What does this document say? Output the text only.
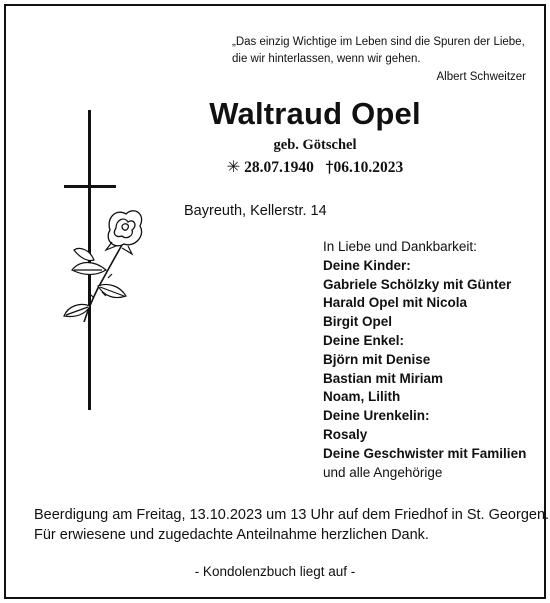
„Das einzig Wichtige im Leben sind die Spuren der Liebe,
die wir hinterlassen, wenn wir gehen.
Albert Schweitzer
Waltraud Opel
geb. Götschel
✳ 28.07.1940 †06.10.2023
Bayreuth, Kellerstr. 14
In Liebe und Dankbarkeit:
Deine Kinder:
Gabriele Schölzky mit Günter
Harald Opel mit Nicola
Birgit Opel
Deine Enkel:
Björn mit Denise
Bastian mit Miriam
Noam, Lilith
Deine Urenkelin:
Rosaly
Deine Geschwister mit Familien
und alle Angehörige
Beerdigung am Freitag, 13.10.2023 um 13 Uhr auf dem Friedhof in St. Georgen.
Für erwiesene und zugedachte Anteilnahme herzlichen Dank.
- Kondolenzbuch liegt auf -
